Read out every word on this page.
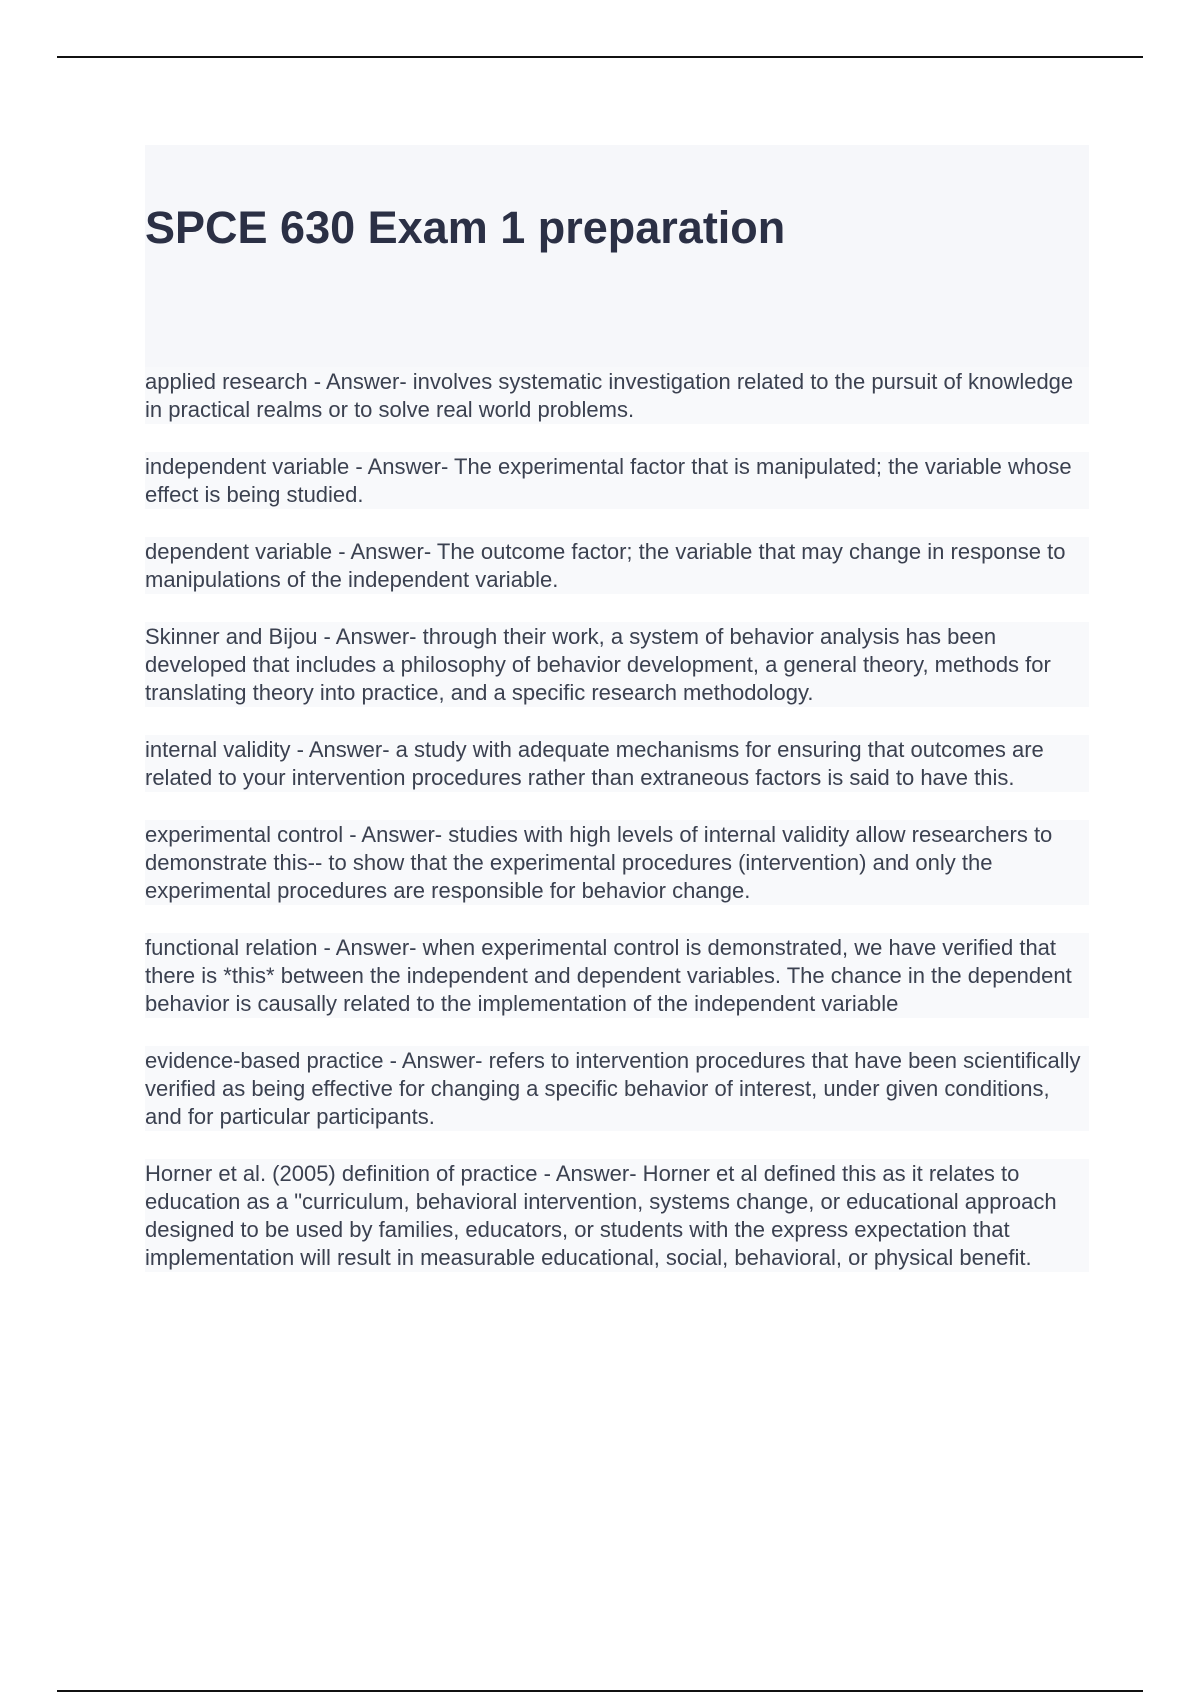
SPCE 630 Exam 1 preparation
applied research - Answer- involves systematic investigation related to the pursuit of knowledge in practical realms or to solve real world problems.
independent variable - Answer- The experimental factor that is manipulated; the variable whose effect is being studied.
dependent variable - Answer- The outcome factor; the variable that may change in response to manipulations of the independent variable.
Skinner and Bijou - Answer- through their work, a system of behavior analysis has been developed that includes a philosophy of behavior development, a general theory, methods for translating theory into practice, and a specific research methodology.
internal validity - Answer- a study with adequate mechanisms for ensuring that outcomes are related to your intervention procedures rather than extraneous factors is said to have this.
experimental control - Answer- studies with high levels of internal validity allow researchers to demonstrate this-- to show that the experimental procedures (intervention) and only the experimental procedures are responsible for behavior change.
functional relation - Answer- when experimental control is demonstrated, we have verified that there is *this* between the independent and dependent variables. The chance in the dependent behavior is causally related to the implementation of the independent variable
evidence-based practice - Answer- refers to intervention procedures that have been scientifically verified as being effective for changing a specific behavior of interest, under given conditions, and for particular participants.
Horner et al. (2005) definition of practice - Answer- Horner et al defined this as it relates to education as a "curriculum, behavioral intervention, systems change, or educational approach designed to be used by families, educators, or students with the express expectation that implementation will result in measurable educational, social, behavioral, or physical benefit.
